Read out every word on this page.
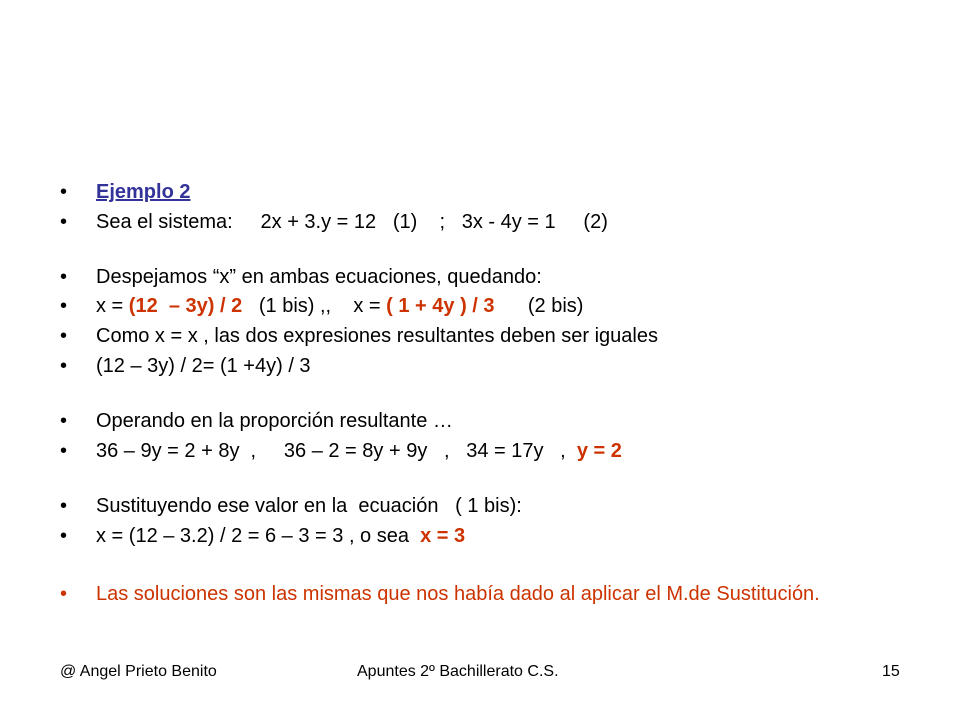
• Ejemplo 2
• Sea el sistema:     2x + 3.y = 12   (1)    ;   3x - 4y = 1     (2)
• Despejamos “x” en ambas ecuaciones, quedando:
• x = (12  – 3y) / 2   (1 bis) ,,    x = ( 1 + 4y ) / 3      (2 bis)
• Como x = x , las dos expresiones resultantes deben ser iguales
• (12 – 3y) / 2= (1 +4y) / 3
• Operando en la proporción resultante …
• 36 – 9y = 2 + 8y  ,     36 – 2 = 8y + 9y   ,   34 = 17y   ,  y = 2
• Sustituyendo ese valor en la  ecuación   ( 1 bis):
• x = (12 – 3.2) / 2 = 6 – 3 = 3 , o sea  x = 3
• Las soluciones son las mismas que nos había dado al aplicar el M.de Sustitución.
@ Angel Prieto Benito	Apuntes 2º Bachillerato C.S.	15
